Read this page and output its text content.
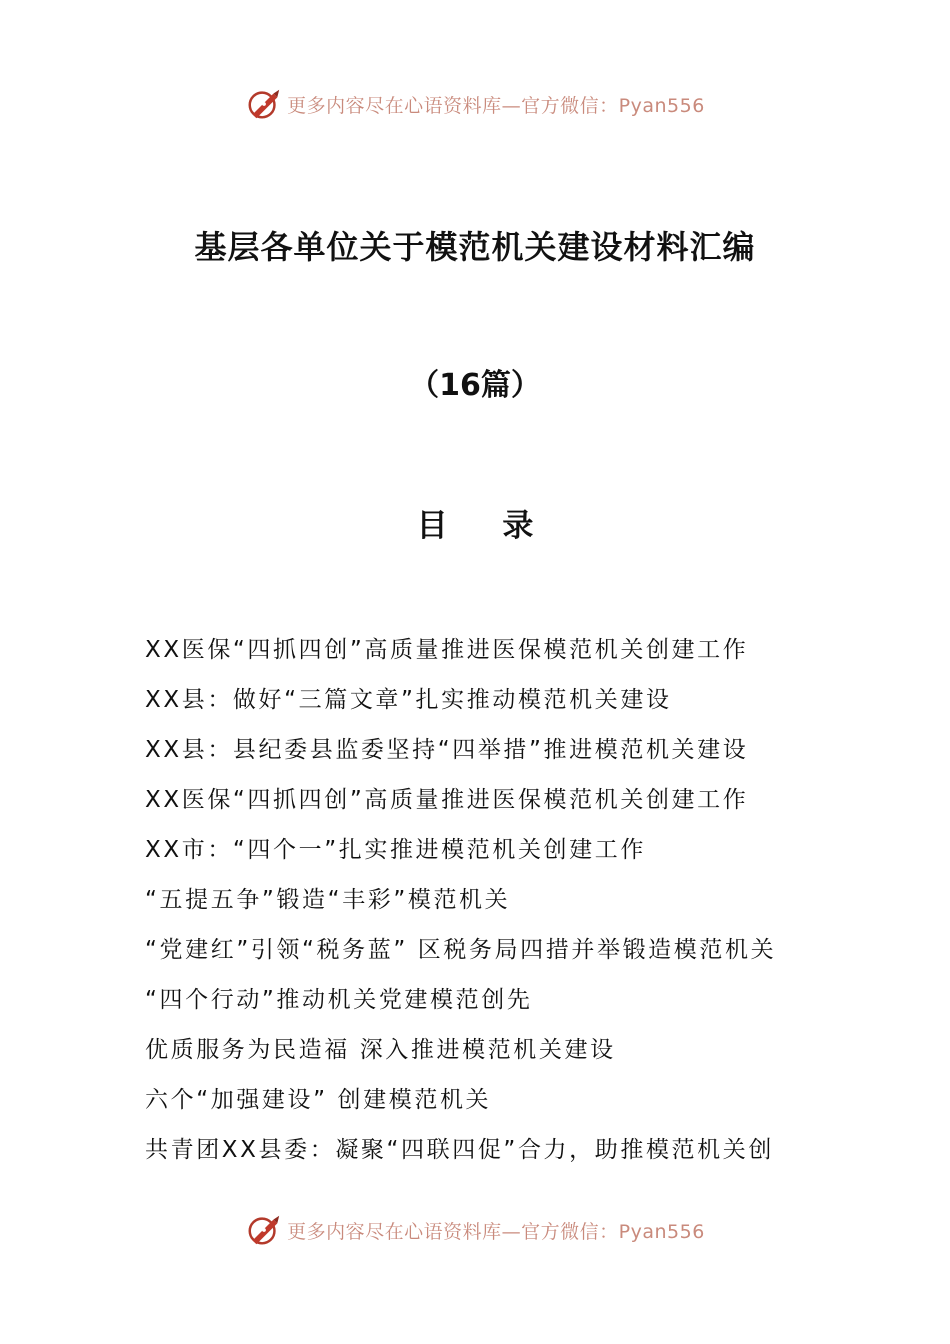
更多内容尽在心语资料库—官方微信：Pyan556
基层各单位关于模范机关建设材料汇编
（16篇）
目 录
XX医保“四抓四创”高质量推进医保模范机关创建工作
XX县：做好“三篇文章”扎实推动模范机关建设
XX县：县纪委县监委坚持“四举措”推进模范机关建设
XX医保“四抓四创”高质量推进医保模范机关创建工作
XX市：“四个一”扎实推进模范机关创建工作
“五提五争”锻造“丰彩”模范机关
“党建红”引领“税务蓝” 区税务局四措并举锻造模范机关
“四个行动”推动机关党建模范创先
优质服务为民造福 深入推进模范机关建设
六个“加强建设” 创建模范机关
共青团XX县委：凝聚“四联四促”合力，助推模范机关创
更多内容尽在心语资料库—官方微信：Pyan556
